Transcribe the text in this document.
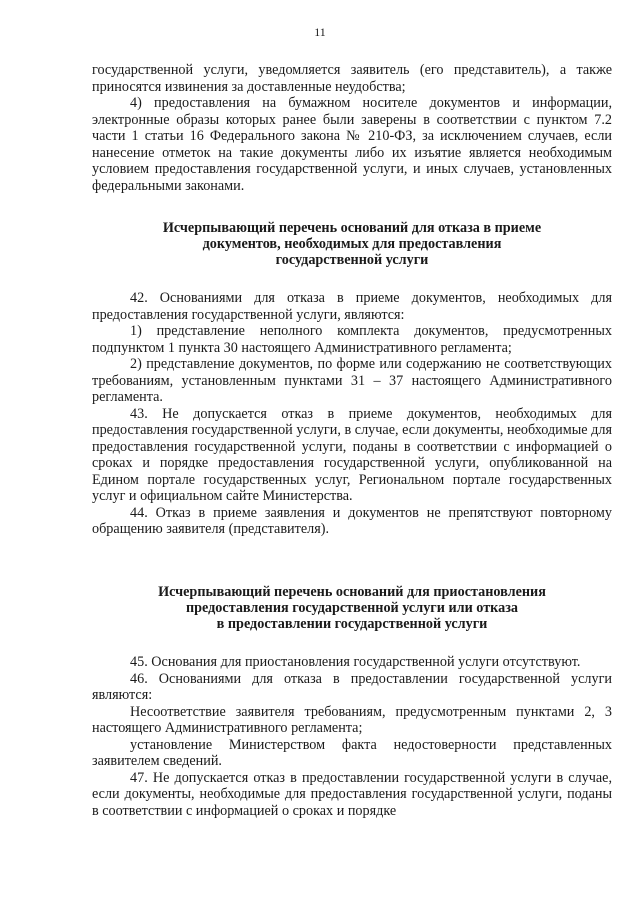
11

государственной услуги, уведомляется заявитель (его представитель), а также приносятся извинения за доставленные неудобства;

4) предоставления на бумажном носителе документов и информации, электронные образы которых ранее были заверены в соответствии с пунктом 7.2 части 1 статьи 16 Федерального закона № 210-ФЗ, за исключением случаев, если нанесение отметок на такие документы либо их изъятие является необходимым условием предоставления государственной услуги, и иных случаев, установленных федеральными законами.

Исчерпывающий перечень оснований для отказа в приеме
документов, необходимых для предоставления
государственной услуги

42. Основаниями для отказа в приеме документов, необходимых для предоставления государственной услуги, являются:

1) представление неполного комплекта документов, предусмотренных подпунктом 1 пункта 30 настоящего Административного регламента;

2) представление документов, по форме или содержанию не соответствующих требованиям, установленным пунктами 31 – 37 настоящего Административного регламента.

43. Не допускается отказ в приеме документов, необходимых для предоставления государственной услуги, в случае, если документы, необходимые для предоставления государственной услуги, поданы в соответствии с информацией о сроках и порядке предоставления государственной услуги, опубликованной на Едином портале государственных услуг, Региональном портале государственных услуг и официальном сайте Министерства.

44. Отказ в приеме заявления и документов не препятствуют повторному обращению заявителя (представителя).

Исчерпывающий перечень оснований для приостановления
предоставления государственной услуги или отказа
в предоставлении государственной услуги

45. Основания для приостановления государственной услуги отсутствуют.

46. Основаниями для отказа в предоставлении государственной услуги являются:

Несоответствие заявителя требованиям, предусмотренным пунктами 2, 3 настоящего Административного регламента;

установление Министерством факта недостоверности представленных заявителем сведений.

47. Не допускается отказ в предоставлении государственной услуги в случае, если документы, необходимые для предоставления государственной услуги, поданы в соответствии с информацией о сроках и порядке
